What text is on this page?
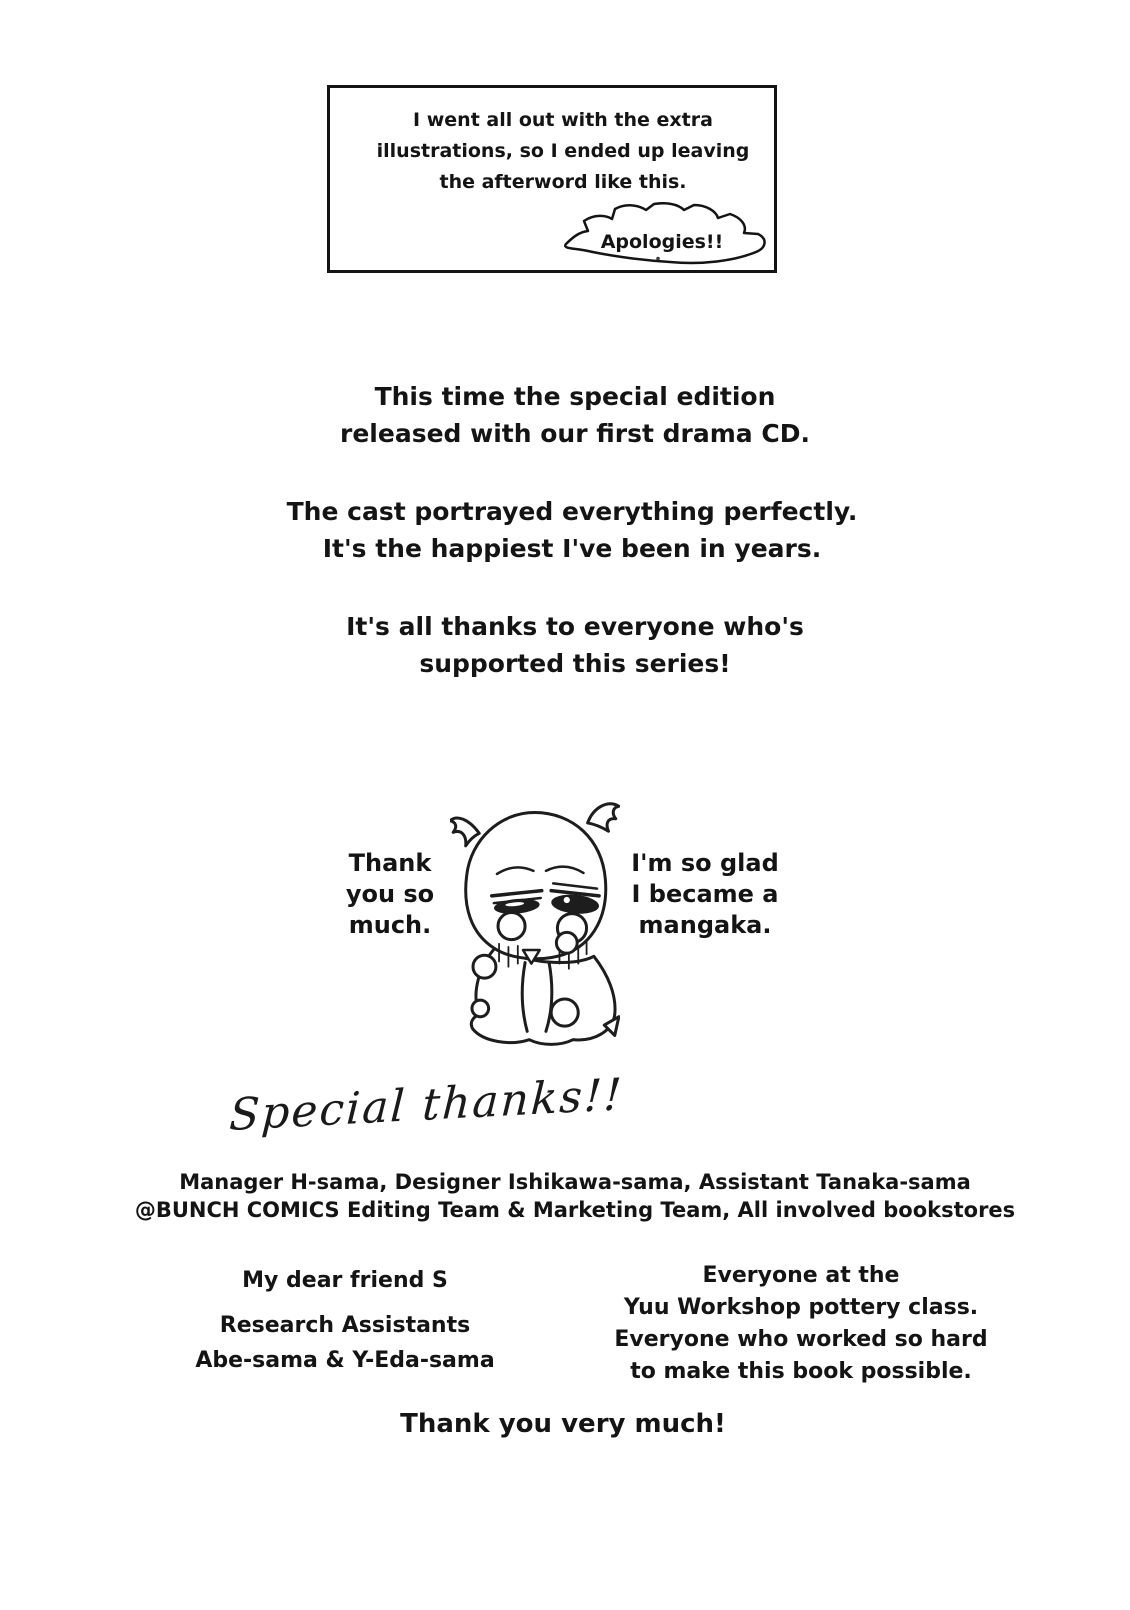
I went all out with the extra
illustrations, so I ended up leaving
the afterword like this.
Apologies!!
This time the special edition
released with our first drama CD.
The cast portrayed everything perfectly.
It's the happiest I've been in years.
It's all thanks to everyone who's
supported this series!
Thank
you so
much.
I'm so glad
I became a
mangaka.
Special thanks!!
Manager H-sama, Designer Ishikawa-sama, Assistant Tanaka-sama
@BUNCH COMICS Editing Team & Marketing Team, All involved bookstores
My dear friend S
Research Assistants
Abe-sama & Y-Eda-sama
Everyone at the
Yuu Workshop pottery class.
Everyone who worked so hard
to make this book possible.
Thank you very much!
